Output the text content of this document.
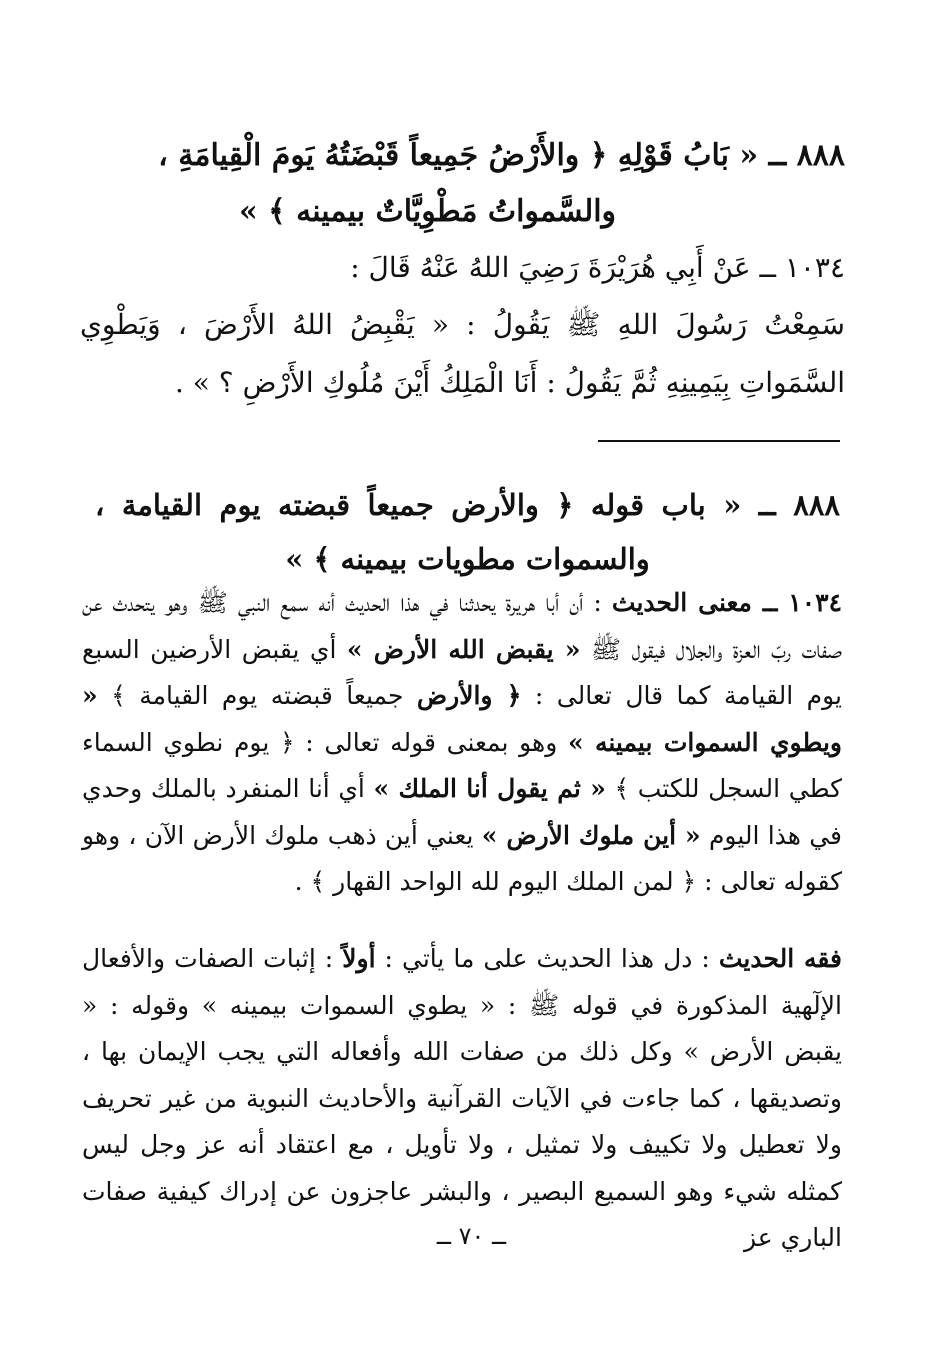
٨٨٨ ــ « بَابُ قَوْلِهِ ﴿ والأَرْضُ جَمِيعاً قَبْضَتُهُ يَومَ الْقِيامَةِ ،
والسَّمواتُ مَطْوِيَّاتٌ بيمينه ﴾ »
١٠٣٤ ــ عَنْ أَبِي هُرَيْرَةَ رَضِيَ اللهُ عَنْهُ قَالَ :

سَمِعْتُ رَسُولَ اللهِ ﷺ يَقُولُ : « يَقْبِضُ اللهُ الأَرْضَ ، وَيَطْوِي السَّمَواتِ بِيَمِينِهِ ثُمَّ يَقُولُ : أَنَا الْمَلِكُ أَيْنَ مُلُوكِ الأَرْضِ ؟ » .

٨٨٨ ــ « باب قوله ﴿ والأرض جميعاً قبضته يوم القيامة ، والسموات مطويات بيمينه ﴾ »

١٠٣٤ ــ معنى الحديث : أن أبا هريرة يحدثنا في هذا الحديث أنه سمع النبي ﷺ وهو يتحدث عن صفات ربّ العزة والجلال فيقول ﷺ « يقبض الله الأرض » أي يقبض الأرضين السبع يوم القيامة كما قال تعالى : ﴿ والأرض جميعاً قبضته يوم القيامة ﴾ « ويطوي السموات بيمينه » وهو بمعنى قوله تعالى : ﴿ يوم نطوي السماء كطي السجل للكتب ﴾ « ثم يقول أنا الملك » أي أنا المنفرد بالملك وحدي في هذا اليوم « أين ملوك الأرض » يعني أين ذهب ملوك الأرض الآن ، وهو كقوله تعالى : ﴿ لمن الملك اليوم لله الواحد القهار ﴾ .

فقه الحديث : دل هذا الحديث على ما يأتي : أولاً : إثبات الصفات والأفعال الإلٓهية المذكورة في قوله ﷺ : « يطوي السموات بيمينه » وقوله : « يقبض الأرض » وكل ذلك من صفات الله وأفعاله التي يجب الإيمان بها ، وتصديقها ، كما جاءت في الآيات القرآنية والأحاديث النبوية من غير تحريف ولا تعطيل ولا تكييف ولا تمثيل ، ولا تأويل ، مع اعتقاد أنه عز وجل ليس كمثله شيء وهو السميع البصير ، والبشر عاجزون عن إدراك كيفية صفات الباري عز

ــ ٧٠ ــ
